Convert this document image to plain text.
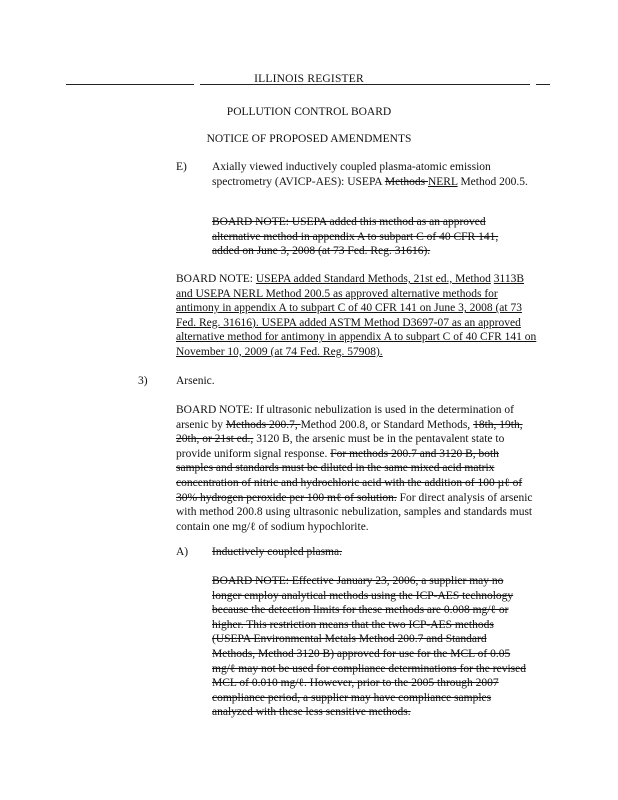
ILLINOIS REGISTER
POLLUTION CONTROL BOARD
NOTICE OF PROPOSED AMENDMENTS
E) Axially viewed inductively coupled plasma-atomic emission spectrometry (AVICP-AES): USEPA Methods NERL Method 200.5.
BOARD NOTE: USEPA added this method as an approved alternative method in appendix A to subpart C of 40 CFR 141, added on June 3, 2008 (at 73 Fed. Reg. 31616).
BOARD NOTE: USEPA added Standard Methods, 21st ed., Method 3113B and USEPA NERL Method 200.5 as approved alternative methods for antimony in appendix A to subpart C of 40 CFR 141 on June 3, 2008 (at 73 Fed. Reg. 31616). USEPA added ASTM Method D3697-07 as an approved alternative method for antimony in appendix A to subpart C of 40 CFR 141 on November 10, 2009 (at 74 Fed. Reg. 57908).
3) Arsenic.
BOARD NOTE: If ultrasonic nebulization is used in the determination of arsenic by Methods 200.7, Method 200.8, or Standard Methods, 18th, 19th, 20th, or 21st ed., 3120 B, the arsenic must be in the pentavalent state to provide uniform signal response. For methods 200.7 and 3120 B, both samples and standards must be diluted in the same mixed acid matrix concentration of nitric and hydrochloric acid with the addition of 100 µℓ of 30% hydrogen peroxide per 100 mℓ of solution. For direct analysis of arsenic with method 200.8 using ultrasonic nebulization, samples and standards must contain one mg/ℓ of sodium hypochlorite.
A) Inductively coupled plasma.
BOARD NOTE: Effective January 23, 2006, a supplier may no longer employ analytical methods using the ICP-AES technology because the detection limits for these methods are 0.008 mg/ℓ or higher. This restriction means that the two ICP-AES methods (USEPA Environmental Metals Method 200.7 and Standard Methods, Method 3120 B) approved for use for the MCL of 0.05 mg/ℓ may not be used for compliance determinations for the revised MCL of 0.010 mg/ℓ. However, prior to the 2005 through 2007 compliance period, a supplier may have compliance samples analyzed with these less sensitive methods.
